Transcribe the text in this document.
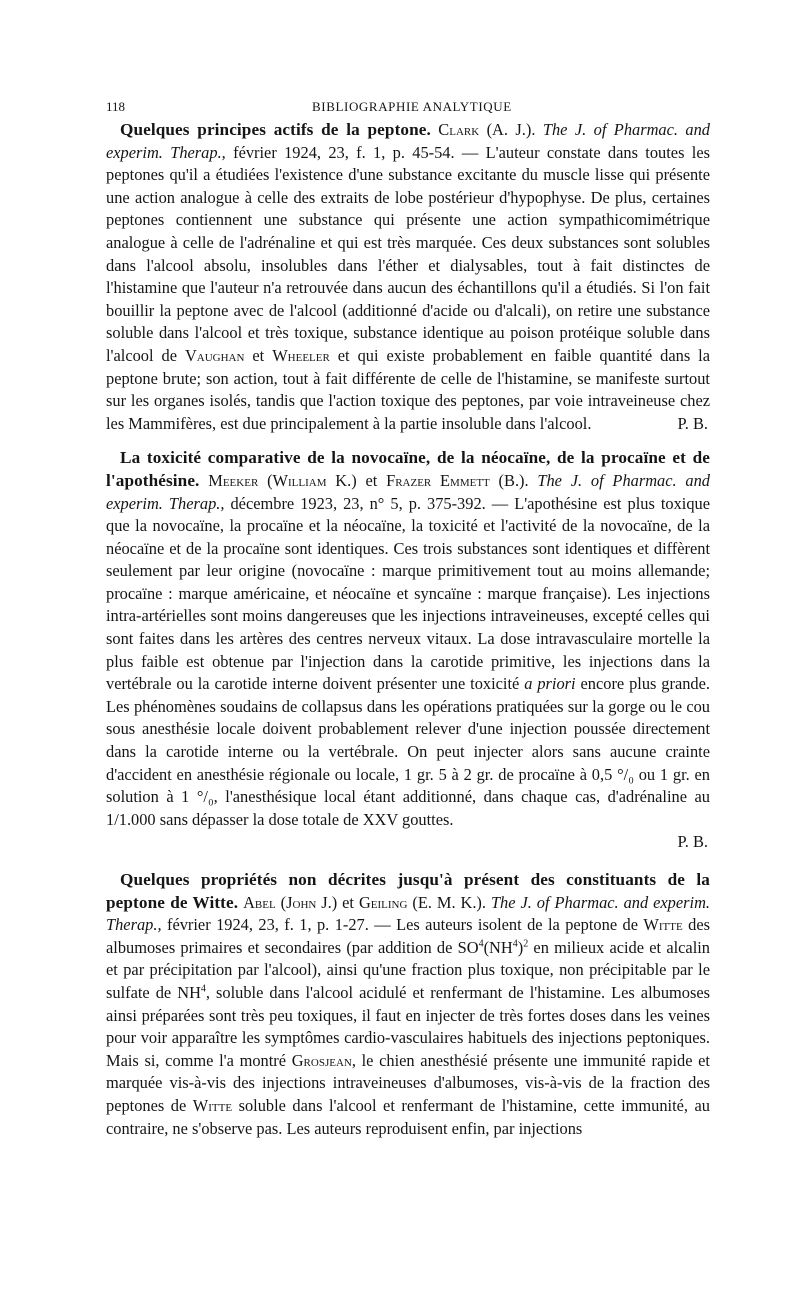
118	BIBLIOGRAPHIE ANALYTIQUE

Quelques principes actifs de la peptone. Clark (A. J.). The J. of Pharmac. and experim. Therap., février 1924, 23, f. 1, p. 45-54. — L'auteur constate dans toutes les peptones qu'il a étudiées l'existence d'une substance excitante du muscle lisse qui présente une action analogue à celle des extraits de lobe postérieur d'hypophyse. De plus, certaines peptones contiennent une substance qui présente une action sympathicomimétrique analogue à celle de l'adrénaline et qui est très marquée. Ces deux substances sont solubles dans l'alcool absolu, insolubles dans l'éther et dialysables, tout à fait distinctes de l'histamine que l'auteur n'a retrouvée dans aucun des échantillons qu'il a étudiés. Si l'on fait bouillir la peptone avec de l'alcool (additionné d'acide ou d'alcali), on retire une substance soluble dans l'alcool et très toxique, substance identique au poison protéique soluble dans l'alcool de Vaughan et Wheeler et qui existe probablement en faible quantité dans la peptone brute; son action, tout à fait différente de celle de l'histamine, se manifeste surtout sur les organes isolés, tandis que l'action toxique des peptones, par voie intraveineuse chez les Mammifères, est due principalement à la partie insoluble dans l'alcool.	P. B.

La toxicité comparative de la novocaïne, de la néocaïne, de la procaïne et de l'apothésine. Meeker (William K.) et Frazer Emmett (B.). The J. of Pharmac. and experim. Therap., décembre 1923, 23, n° 5, p. 375-392. — L'apothésine est plus toxique que la novocaïne, la procaïne et la néocaïne, la toxicité et l'activité de la novocaïne, de la néocaïne et de la procaïne sont identiques. Ces trois substances sont identiques et diffèrent seulement par leur origine (novocaïne : marque primitivement tout au moins allemande; procaïne : marque américaine, et néocaïne et syncaïne : marque française). Les injections intra-artérielles sont moins dangereuses que les injections intraveineuses, excepté celles qui sont faites dans les artères des centres nerveux vitaux. La dose intravasculaire mortelle la plus faible est obtenue par l'injection dans la carotide primitive, les injections dans la vertébrale ou la carotide interne doivent présenter une toxicité a priori encore plus grande. Les phénomènes soudains de collapsus dans les opérations pratiquées sur la gorge ou le cou sous anesthésie locale doivent probablement relever d'une injection poussée directement dans la carotide interne ou la vertébrale. On peut injecter alors sans aucune crainte d'accident en anesthésie régionale ou locale, 1 gr. 5 à 2 gr. de procaïne à 0,5 °/₀ ou 1 gr. en solution à 1 °/₀, l'anesthésique local étant additionné, dans chaque cas, d'adrénaline au 1/1.000 sans dépasser la dose totale de XXV gouttes.

P. B.

Quelques propriétés non décrites jusqu'à présent des constituants de la peptone de Witte. Abel (John J.) et Geiling (E. M. K.). The J. of Pharmac. and experim. Therap., février 1924, 23, f. 1, p. 1-27. — Les auteurs isolent de la peptone de Witte des albumoses primaires et secondaires (par addition de $SO^4(NH^4)^2$ en milieux acide et alcalin et par précipitation par l'alcool), ainsi qu'une fraction plus toxique, non précipitable par le sulfate de $NH^4$, soluble dans l'alcool acidulé et renfermant de l'histamine. Les albumoses ainsi préparées sont très peu toxiques, il faut en injecter de très fortes doses dans les veines pour voir apparaître les symptômes cardio-vasculaires habituels des injections peptoniques. Mais si, comme l'a montré Grosjean, le chien anesthésié présente une immunité rapide et marquée vis-à-vis des injections intraveineuses d'albumoses, vis-à-vis de la fraction des peptones de Witte soluble dans l'alcool et renfermant de l'histamine, cette immunité, au contraire, ne s'observe pas. Les auteurs reproduisent enfin, par injections
